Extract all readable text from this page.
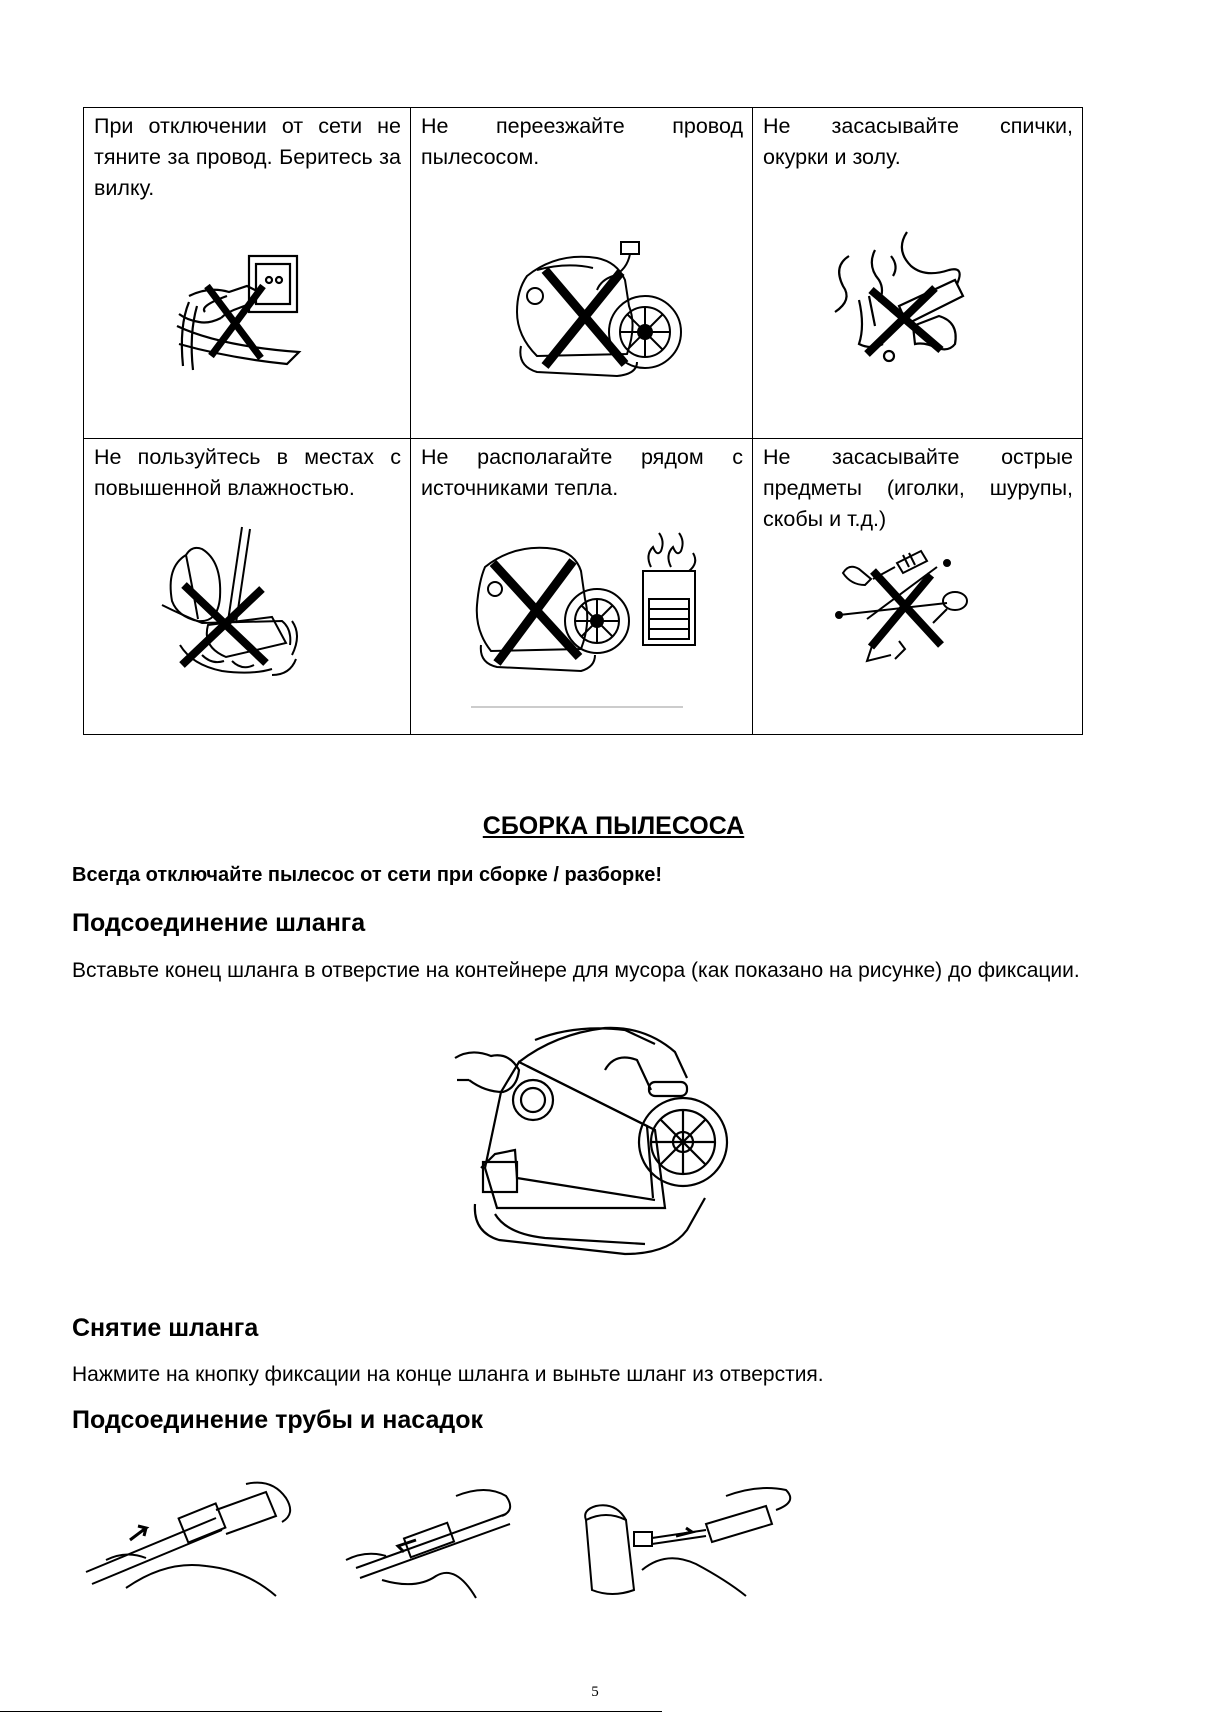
При отключении от сети не тяните за провод. Беритесь за вилку.	Не переезжайте провод пылесосом.	Не засасывайте спички, окурки и золу.

Не пользуйтесь в местах с повышенной влажностью.	Не располагайте рядом с источниками тепла.	Не засасывайте острые предметы (иголки, шурупы, скобы и т.д.)
СБОРКА ПЫЛЕСОСА

Всегда отключайте пылесос от сети при сборке / разборке!

Подсоединение шланга

Вставьте конец шланга в отверстие на контейнере для мусора (как показано на рисунке) до фиксации.

Снятие шланга

Нажмите на кнопку фиксации на конце шланга и выньте шланг из отверстия.

Подсоединение трубы и насадок
5
